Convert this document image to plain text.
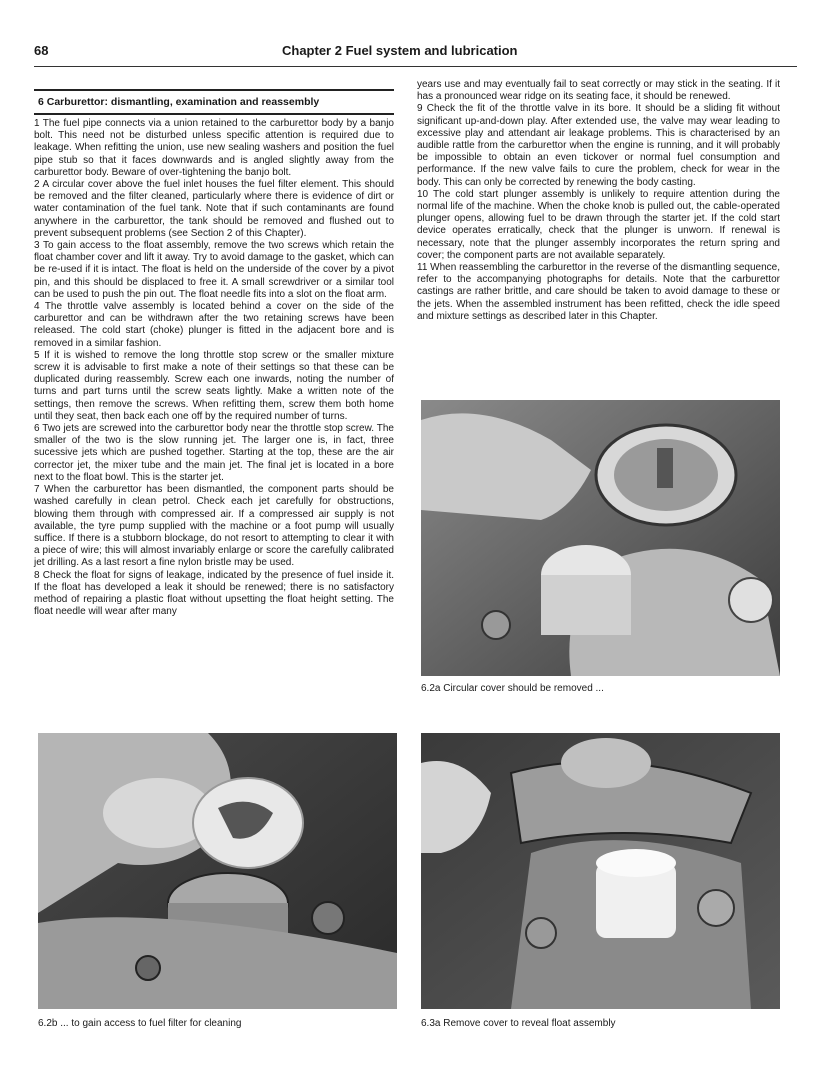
68	Chapter 2 Fuel system and lubrication
6 Carburettor: dismantling, examination and reassembly

1 The fuel pipe connects via a union retained to the carburettor body by a banjo bolt. This need not be disturbed unless specific attention is required due to leakage. When refitting the union, use new sealing washers and position the fuel pipe stub so that it faces downwards and is angled slightly away from the carburettor body. Beware of over-tightening the banjo bolt.

2 A circular cover above the fuel inlet houses the fuel filter element. This should be removed and the filter cleaned, particularly where there is evidence of dirt or water contamination of the fuel tank. Note that if such contaminants are found anywhere in the carburettor, the tank should be removed and flushed out to prevent subsequent problems (see Section 2 of this Chapter).

3 To gain access to the float assembly, remove the two screws which retain the float chamber cover and lift it away. Try to avoid damage to the gasket, which can be re-used if it is intact. The float is held on the underside of the cover by a pivot pin, and this should be displaced to free it. A small screwdriver or a similar tool can be used to push the pin out. The float needle fits into a slot on the float arm.

4 The throttle valve assembly is located behind a cover on the side of the carburettor and can be withdrawn after the two retaining screws have been released. The cold start (choke) plunger is fitted in the adjacent bore and is removed in a similar fashion.

5 If it is wished to remove the long throttle stop screw or the smaller mixture screw it is advisable to first make a note of their settings so that these can be duplicated during reassembly. Screw each one inwards, noting the number of turns and part turns until the screw seats lightly. Make a written note of the settings, then remove the screws. When refitting them, screw them both home until they seat, then back each one off by the required number of turns.

6 Two jets are screwed into the carburettor body near the throttle stop screw. The smaller of the two is the slow running jet. The larger one is, in fact, three sucessive jets which are pushed together. Starting at the top, these are the air corrector jet, the mixer tube and the main jet. The final jet is located in a bore next to the float bowl. This is the starter jet.

7 When the carburettor has been dismantled, the component parts should be washed carefully in clean petrol. Check each jet carefully for obstructions, blowing them through with compressed air. If a compressed air supply is not available, the tyre pump supplied with the machine or a foot pump will usually suffice. If there is a stubborn blockage, do not resort to attempting to clear it with a piece of wire; this will almost invariably enlarge or score the carefully calibrated jet drilling. As a last resort a fine nylon bristle may be used.

8 Check the float for signs of leakage, indicated by the presence of fuel inside it. If the float has developed a leak it should be renewed; there is no satisfactory method of repairing a plastic float without upsetting the float height setting. The float needle will wear after many

years use and may eventually fail to seat correctly or may stick in the seating. If it has a pronounced wear ridge on its seating face, it should be renewed.

9 Check the fit of the throttle valve in its bore. It should be a sliding fit without significant up-and-down play. After extended use, the valve may wear leading to excessive play and attendant air leakage problems. This is characterised by an audible rattle from the carburettor when the engine is running, and it will probably be impossible to obtain an even tickover or normal fuel consumption and performance. If the new valve fails to cure the problem, check for wear in the body. This can only be corrected by renewing the body casting.

10 The cold start plunger assembly is unlikely to require attention during the normal life of the machine. When the choke knob is pulled out, the cable-operated plunger opens, allowing fuel to be drawn through the starter jet. If the cold start device operates erratically, check that the plunger is unworn. If renewal is necessary, note that the plunger assembly incorporates the return spring and cover; the component parts are not available separately.

11 When reassembling the carburettor in the reverse of the dismantling sequence, refer to the accompanying photographs for details. Note that the carburettor castings are rather brittle, and care should be taken to avoid damage to these or the jets. When the assembled instrument has been refitted, check the idle speed and mixture settings as described later in this Chapter.

6.2a Circular cover should be removed ...
6.2b ... to gain access to fuel filter for cleaning	6.3a Remove cover to reveal float assembly
